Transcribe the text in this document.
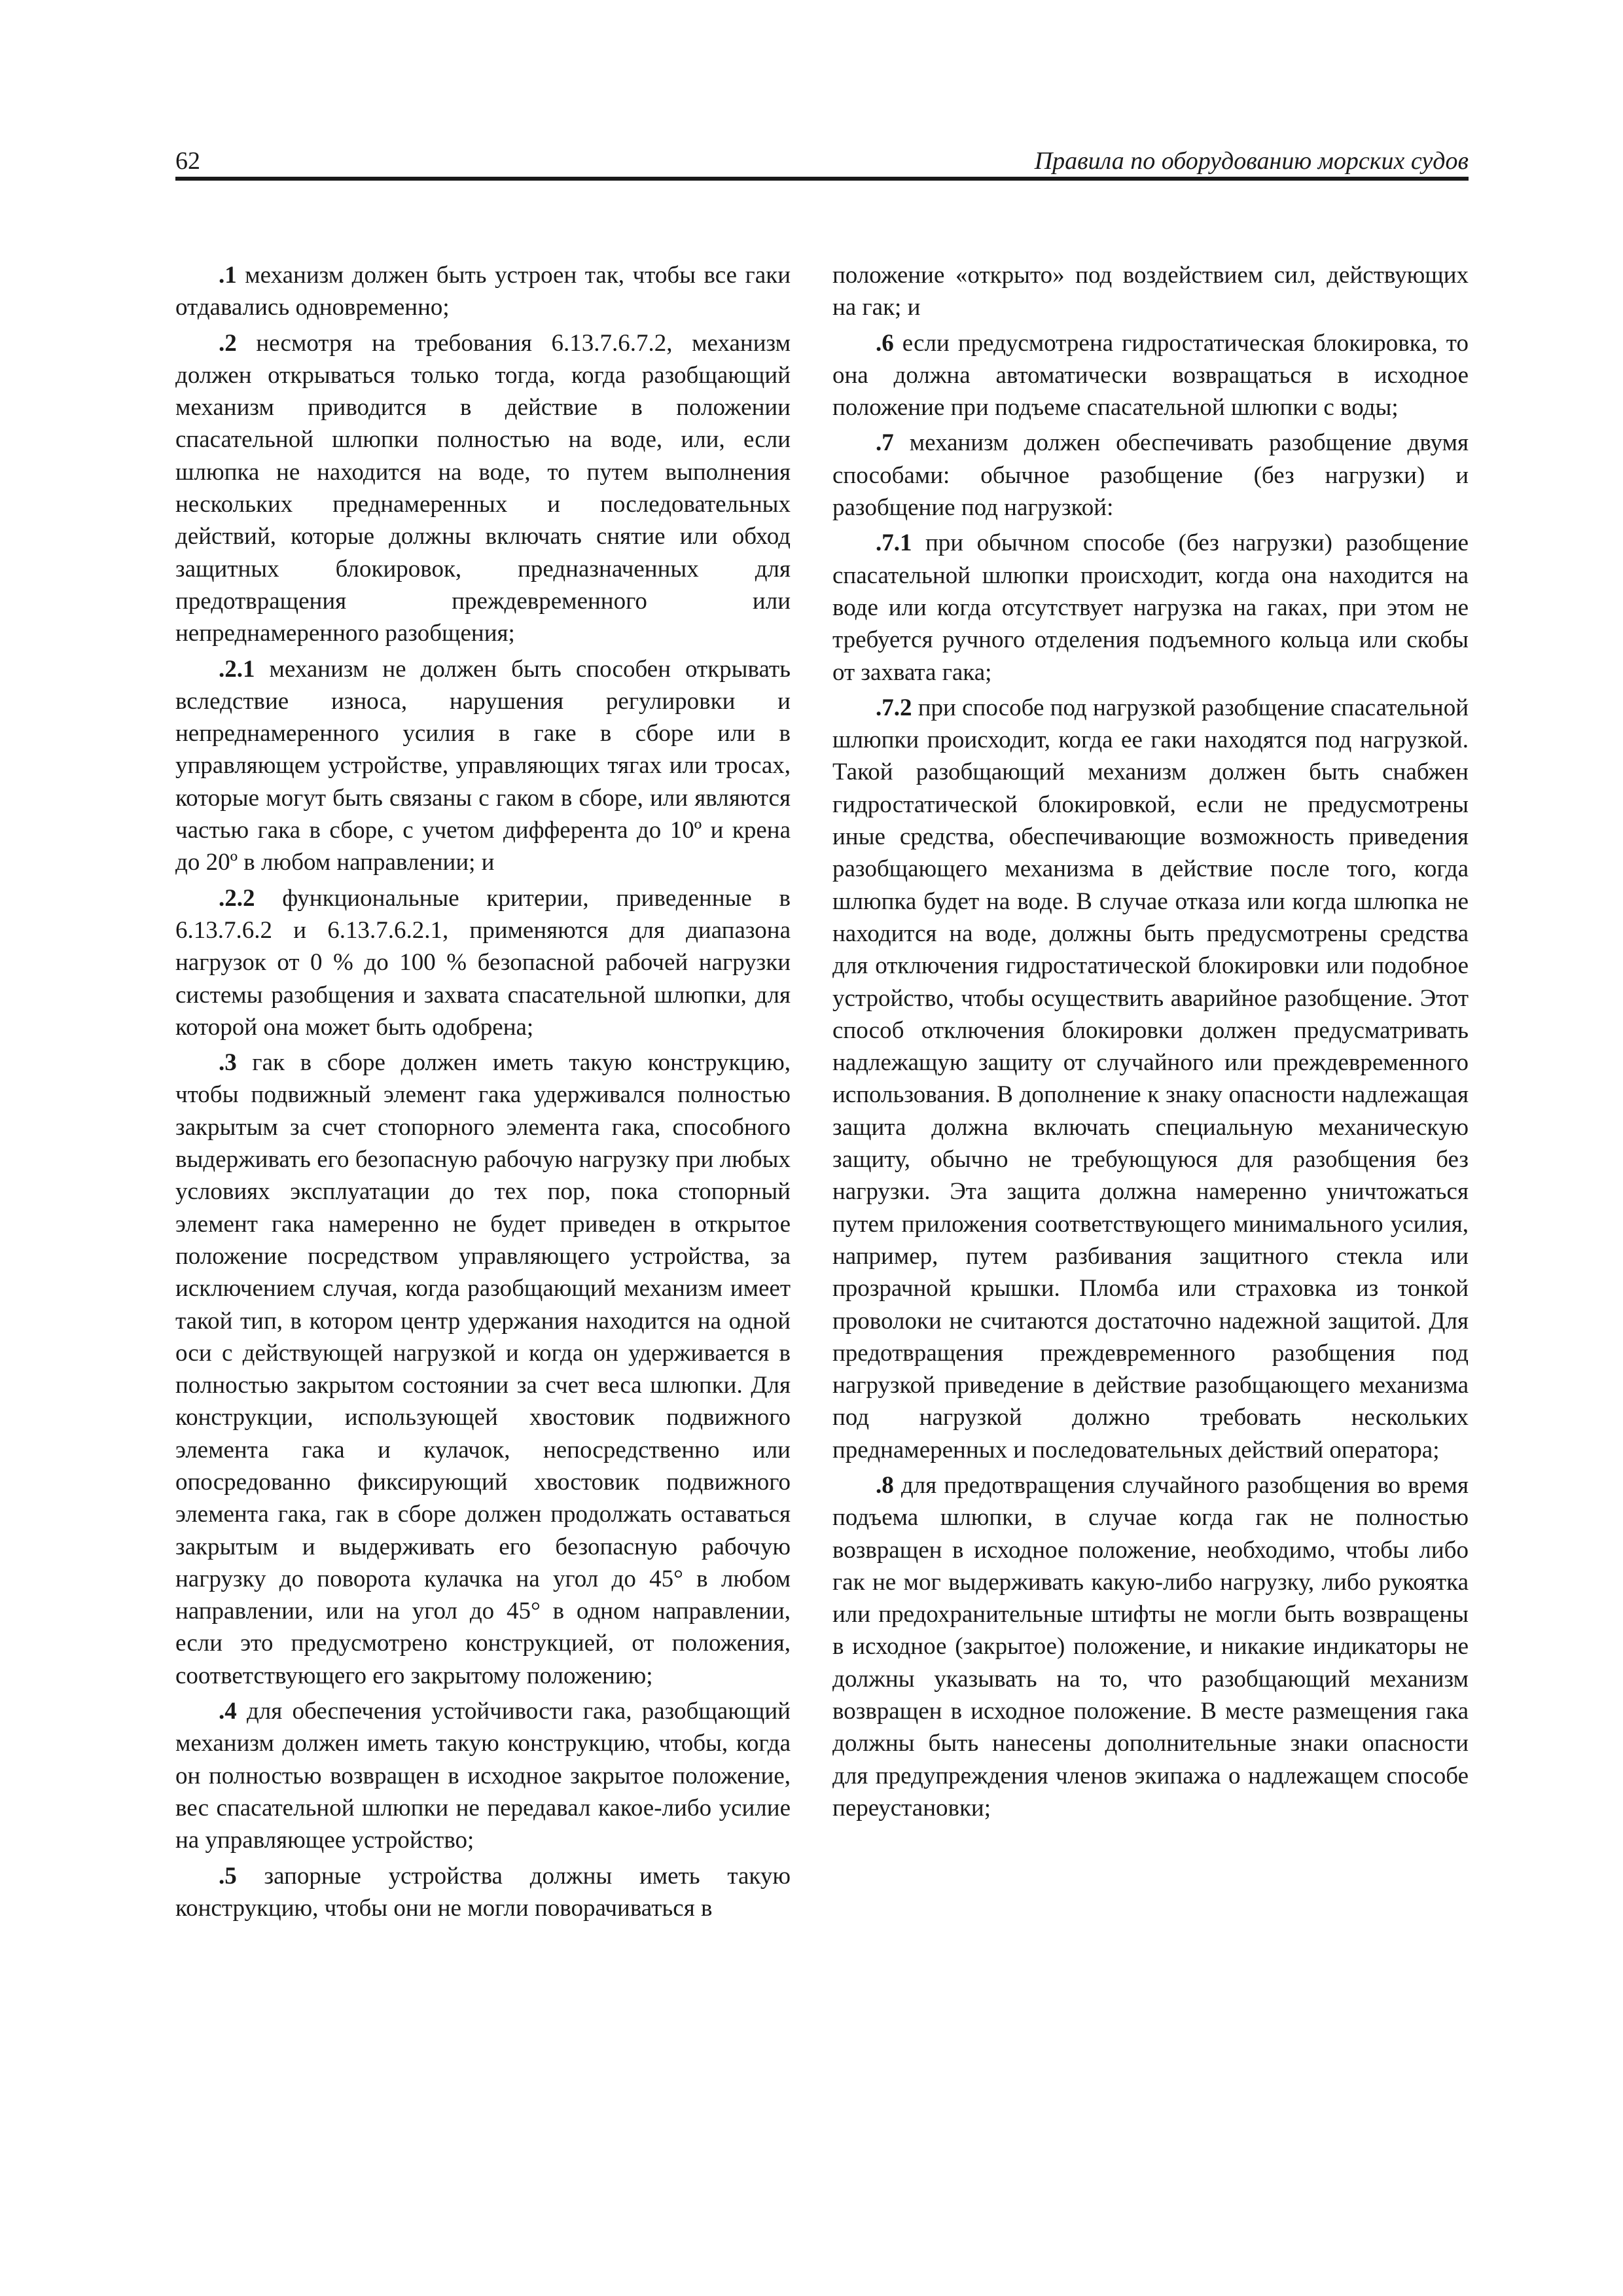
62	Правила по оборудованию морских судов

.1 механизм должен быть устроен так, чтобы все гаки отдавались одновременно;

.2 несмотря на требования 6.13.7.6.7.2, механизм должен открываться только тогда, когда разобщающий механизм приводится в действие в положении спасательной шлюпки полностью на воде, или, если шлюпка не находится на воде, то путем выполнения нескольких преднамеренных и последовательных действий, которые должны включать снятие или обход защитных блокировок, предназначенных для предотвращения преждевременного или непреднамеренного разобщения;

.2.1 механизм не должен быть способен открывать вследствие износа, нарушения регулировки и непреднамеренного усилия в гаке в сборе или в управляющем устройстве, управляющих тягах или тросах, которые могут быть связаны с гаком в сборе, или являются частью гака в сборе, с учетом дифферента до 10º и крена до 20º в любом направлении; и

.2.2 функциональные критерии, приведенные в 6.13.7.6.2 и 6.13.7.6.2.1, применяются для диапазона нагрузок от 0 % до 100 % безопасной рабочей нагрузки системы разобщения и захвата спасательной шлюпки, для которой она может быть одобрена;

.3 гак в сборе должен иметь такую конструкцию, чтобы подвижный элемент гака удерживался полностью закрытым за счет стопорного элемента гака, способного выдерживать его безопасную рабочую нагрузку при любых условиях эксплуатации до тех пор, пока стопорный элемент гака намеренно не будет приведен в открытое положение посредством управляющего устройства, за исключением случая, когда разобщающий механизм имеет такой тип, в котором центр удержания находится на одной оси с действующей нагрузкой и когда он удерживается в полностью закрытом состоянии за счет веса шлюпки. Для конструкции, использующей хвостовик подвижного элемента гака и кулачок, непосредственно или опосредованно фиксирующий хвостовик подвижного элемента гака, гак в сборе должен продолжать оставаться закрытым и выдерживать его безопасную рабочую нагрузку до поворота кулачка на угол до 45° в любом направлении, или на угол до 45° в одном направлении, если это предусмотрено конструкцией, от положения, соответствующего его закрытому положению;

.4 для обеспечения устойчивости гака, разобщающий механизм должен иметь такую конструкцию, чтобы, когда он полностью возвращен в исходное закрытое положение, вес спасательной шлюпки не передавал какое-либо усилие на управляющее устройство;

.5 запорные устройства должны иметь такую конструкцию, чтобы они не могли поворачиваться в

положение «открыто» под воздействием сил, действующих на гак; и

.6 если предусмотрена гидростатическая блокировка, то она должна автоматически возвращаться в исходное положение при подъеме спасательной шлюпки с воды;

.7 механизм должен обеспечивать разобщение двумя способами: обычное разобщение (без нагрузки) и разобщение под нагрузкой:

.7.1 при обычном способе (без нагрузки) разобщение спасательной шлюпки происходит, когда она находится на воде или когда отсутствует нагрузка на гаках, при этом не требуется ручного отделения подъемного кольца или скобы от захвата гака;

.7.2 при способе под нагрузкой разобщение спасательной шлюпки происходит, когда ее гаки находятся под нагрузкой. Такой разобщающий механизм должен быть снабжен гидростатической блокировкой, если не предусмотрены иные средства, обеспечивающие возможность приведения разобщающего механизма в действие после того, когда шлюпка будет на воде. В случае отказа или когда шлюпка не находится на воде, должны быть предусмотрены средства для отключения гидростатической блокировки или подобное устройство, чтобы осуществить аварийное разобщение. Этот способ отключения блокировки должен предусматривать надлежащую защиту от случайного или преждевременного использования. В дополнение к знаку опасности надлежащая защита должна включать специальную механическую защиту, обычно не требующуюся для разобщения без нагрузки. Эта защита должна намеренно уничтожаться путем приложения соответствующего минимального усилия, например, путем разбивания защитного стекла или прозрачной крышки. Пломба или страховка из тонкой проволоки не считаются достаточно надежной защитой. Для предотвращения преждевременного разобщения под нагрузкой приведение в действие разобщающего механизма под нагрузкой должно требовать нескольких преднамеренных и последовательных действий оператора;

.8 для предотвращения случайного разобщения во время подъема шлюпки, в случае когда гак не полностью возвращен в исходное положение, необходимо, чтобы либо гак не мог выдерживать какую-либо нагрузку, либо рукоятка или предохранительные штифты не могли быть возвращены в исходное (закрытое) положение, и никакие индикаторы не должны указывать на то, что разобщающий механизм возвращен в исходное положение. В месте размещения гака должны быть нанесены дополнительные знаки опасности для предупреждения членов экипажа о надлежащем способе переустановки;
